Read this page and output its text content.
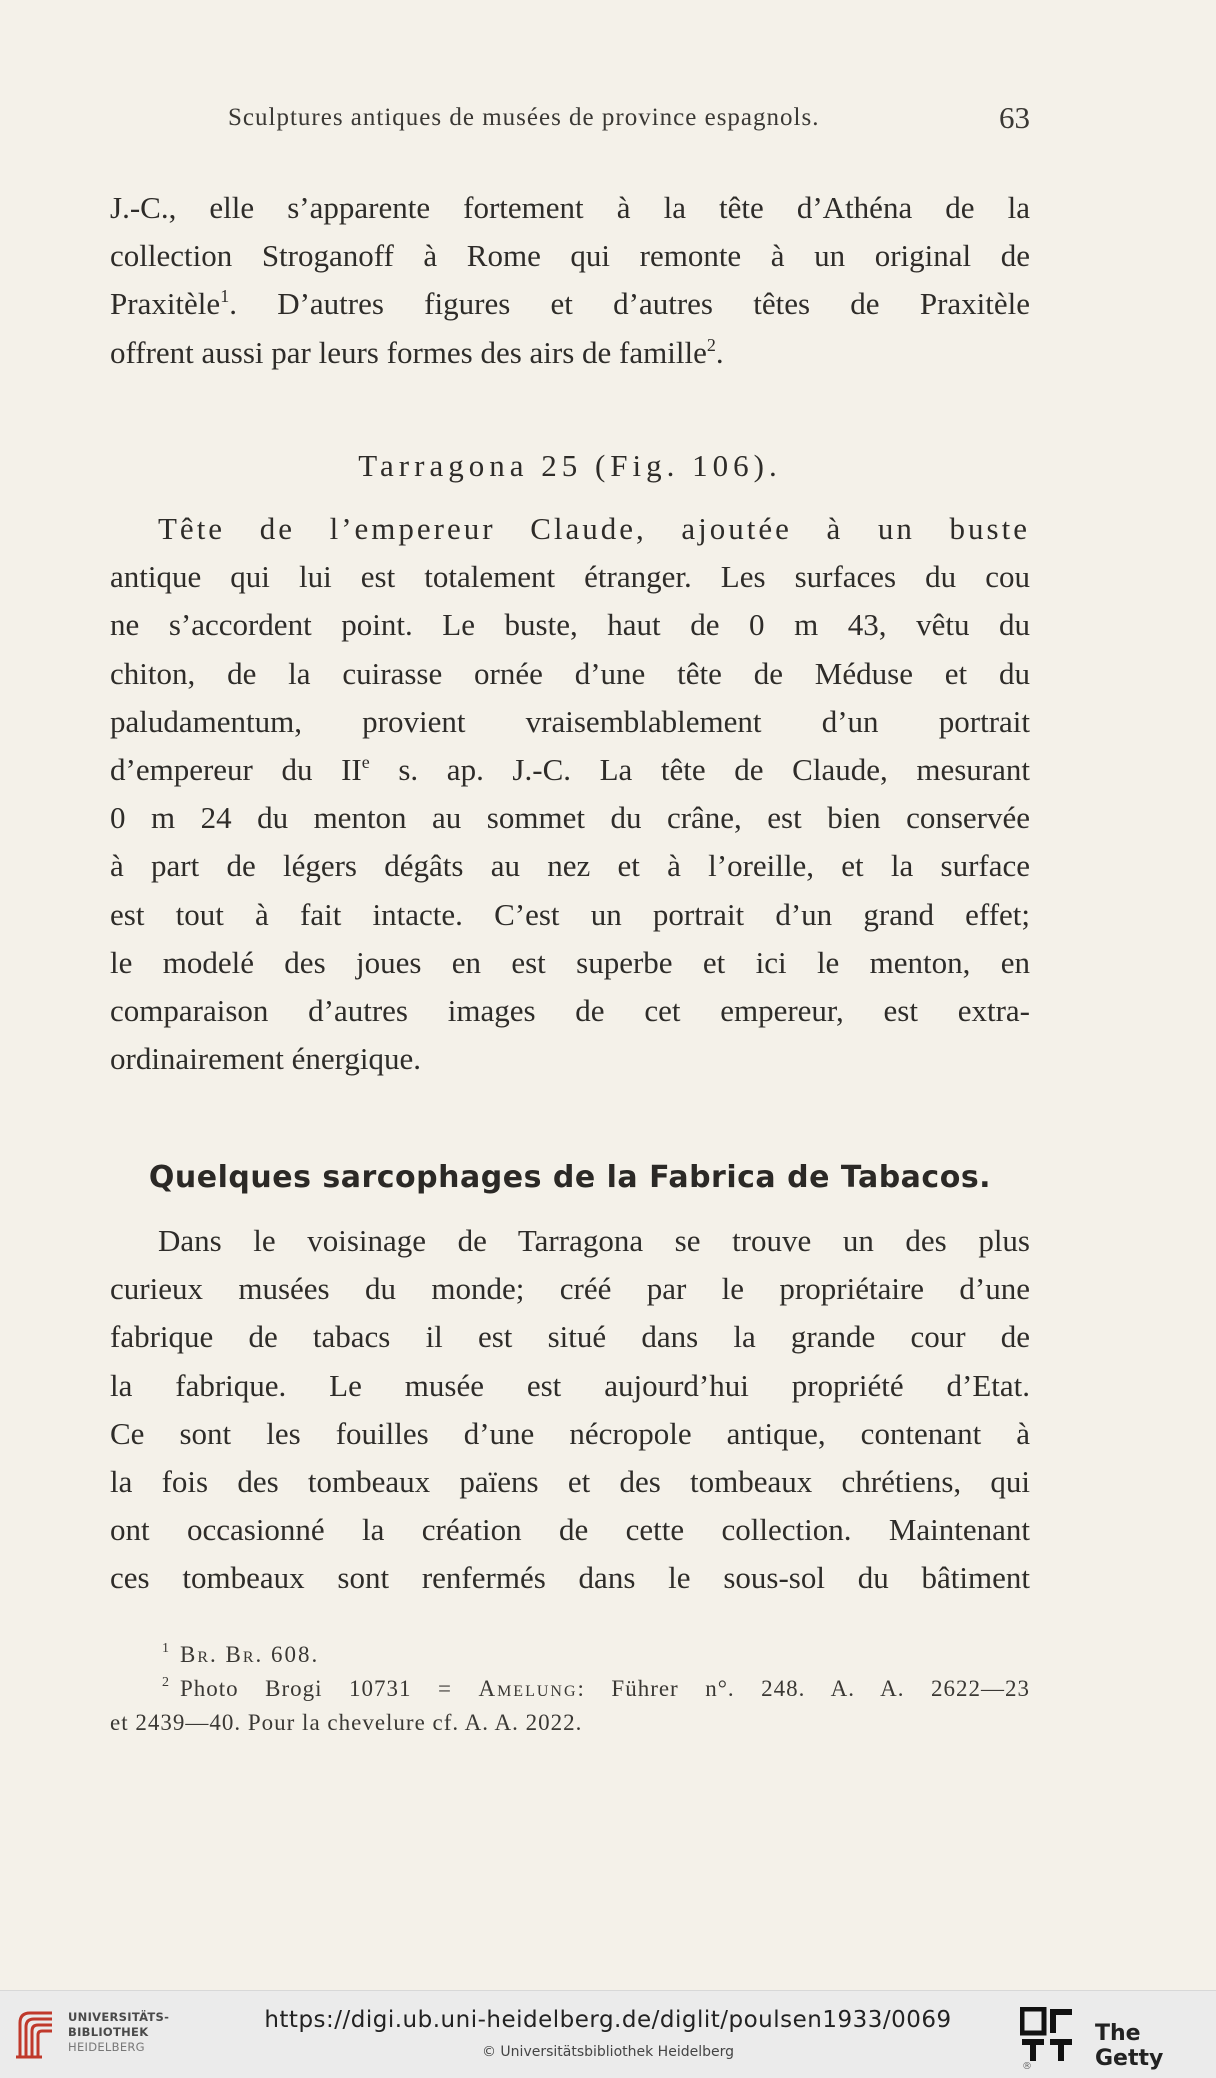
Sculptures antiques de musées de province espagnols.	63
J.-C., elle s’apparente fortement à la tête d’Athéna de la
collection Stroganoff à Rome qui remonte à un original de
Praxitèle$^1$. D’autres figures et d’autres têtes de Praxitèle
offrent aussi par leurs formes des airs de famille$^2$.
Tarragona 25 (Fig. 106).
Tête de l’empereur Claude, ajoutée à un buste
antique qui lui est totalement étranger. Les surfaces du cou
ne s’accordent point. Le buste, haut de 0 m 43, vêtu du
chiton, de la cuirasse ornée d’une tête de Méduse et du
paludamentum, provient vraisemblablement d’un portrait
d’empereur du IIe s. ap. J.-C. La tête de Claude, mesurant
0 m 24 du menton au sommet du crâne, est bien conservée
à part de légers dégâts au nez et à l’oreille, et la surface
est tout à fait intacte. C’est un portrait d’un grand effet;
le modelé des joues en est superbe et ici le menton, en
comparaison d’autres images de cet empereur, est extra-
ordinairement énergique.
Quelques sarcophages de la Fabrica de Tabacos.
Dans le voisinage de Tarragona se trouve un des plus
curieux musées du monde; créé par le propriétaire d’une
fabrique de tabacs il est situé dans la grande cour de
la fabrique. Le musée est aujourd’hui propriété d’Etat.
Ce sont les fouilles d’une nécropole antique, contenant à
la fois des tombeaux païens et des tombeaux chrétiens, qui
ont occasionné la création de cette collection. Maintenant
ces tombeaux sont renfermés dans le sous-sol du bâtiment
$^1$ Br. Br. 608.
$^2$ Photo Brogi 10731 = Amelung: Führer n°. 248. A. A. 2622—23
et 2439—40. Pour la chevelure cf. A. A. 2022.
UNIVERSITÄTS-
BIBLIOTHEK
HEIDELBERG
https://digi.ub.uni-heidelberg.de/diglit/poulsen1933/0069
© Universitätsbibliothek Heidelberg
®
The Getty
